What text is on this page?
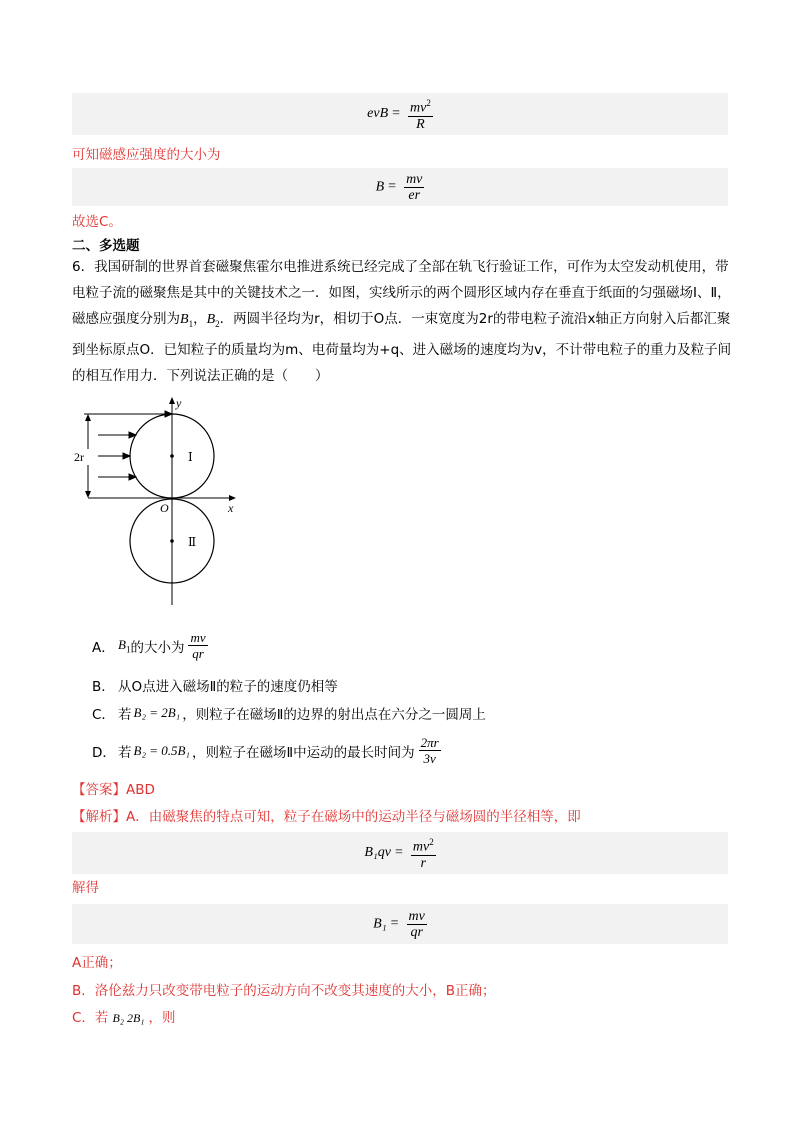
evB = $\frac{mv^2}{R}$
可知磁感应强度的大小为
$B = \frac{mv}{er}$
故选C。
二、多选题
6．我国研制的世界首套磁聚焦霍尔电推进系统已经完成了全部在轨飞行验证工作，可作为太空发动机使用，带电粒子流的磁聚焦是其中的关键技术之一．如图，实线所示的两个圆形区域内存在垂直于纸面的匀强磁场Ⅰ、Ⅱ，磁感应强度分别为$B_1$，$B_2$．两圆半径均为r，相切于O点．一束宽度为2r的带电粒子流沿x轴正方向射入后都汇聚到坐标原点O．已知粒子的质量均为m、电荷量均为+q、进入磁场的速度均为v，不计带电粒子的重力及粒子间的相互作用力．下列说法正确的是（　　）
y
x
O
2r	Ⅰ
Ⅱ
A． $B_1$ 的大小为 $\frac{mv}{qr}$
B． 从O点进入磁场Ⅱ的粒子的速度仍相等
C． 若 B₂ = 2B₁ ，则粒子在磁场Ⅱ的边界的射出点在六分之一圆周上
D． 若 B₂ = 0.5B₁ ，则粒子在磁场Ⅱ中运动的最长时间为 $\frac{2\pi r}{3v}$
【答案】ABD
【解析】A．由磁聚焦的特点可知，粒子在磁场中的运动半径与磁场圆的半径相等，即
$B_1qv = \frac{mv^2}{r}$
解得
$B_1 = \frac{mv}{qr}$
A正确；
B．洛伦兹力只改变带电粒子的运动方向不改变其速度的大小，B正确；
C．若 B₂ 2B₁ ，则
